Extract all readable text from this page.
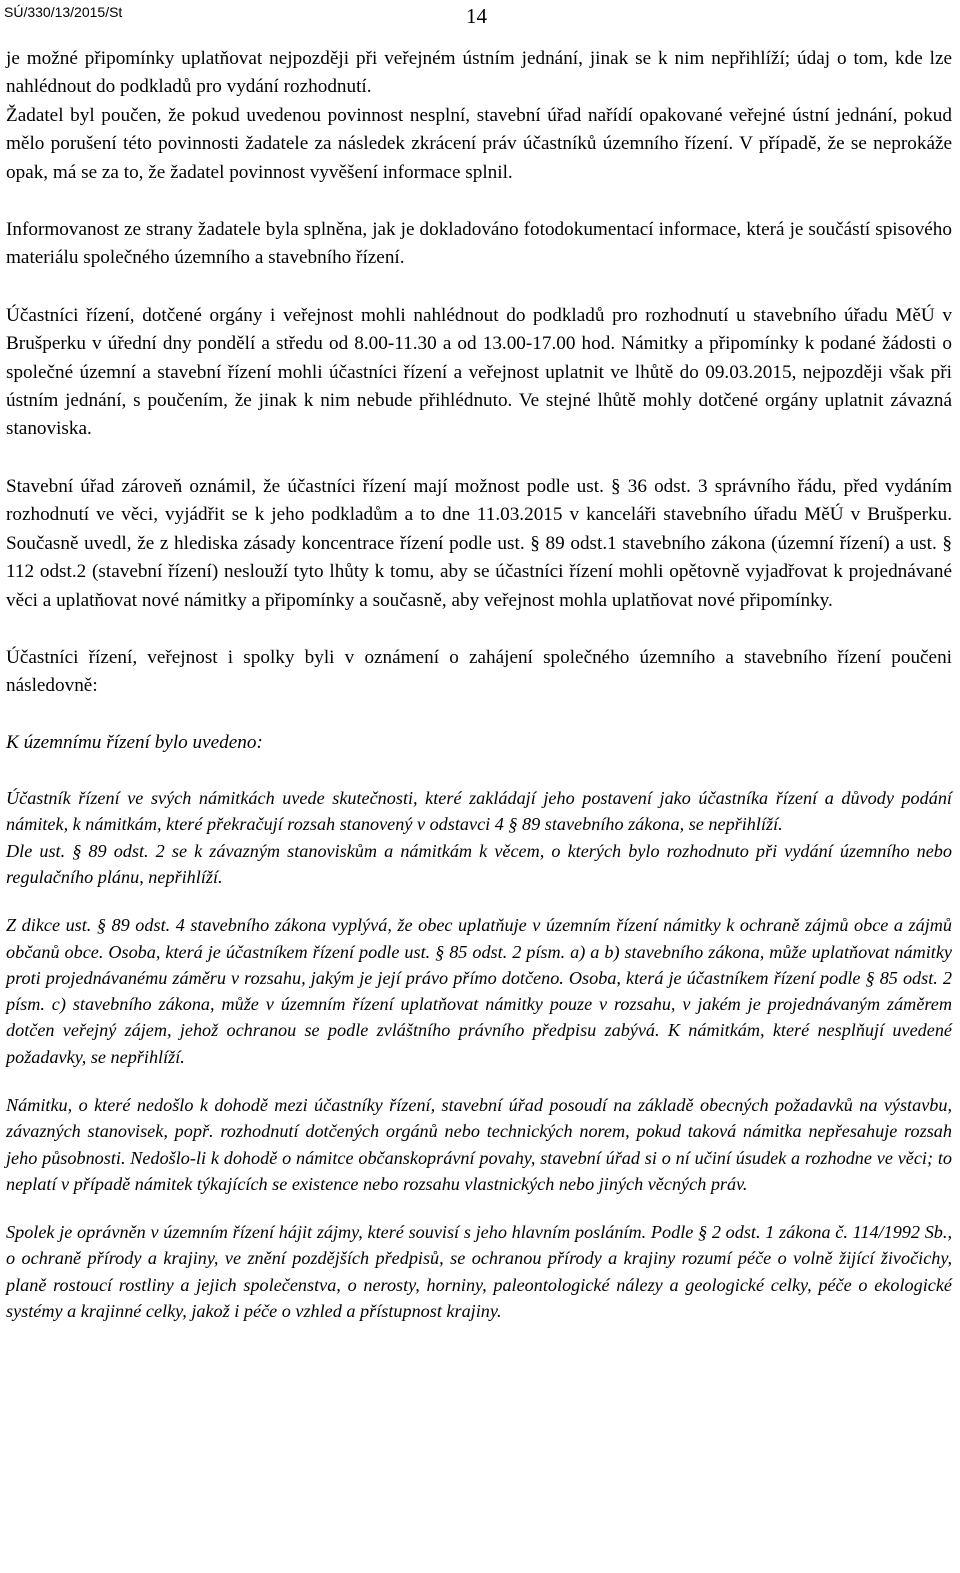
SÚ/330/13/2015/St	14

je možné připomínky uplatňovat nejpozději při veřejném ústním jednání, jinak se k nim nepřihlíží; údaj o tom, kde lze nahlédnout do podkladů pro vydání rozhodnutí.

Žadatel byl poučen, že pokud uvedenou povinnost nesplní, stavební úřad nařídí opakované veřejné ústní jednání, pokud mělo porušení této povinnosti žadatele za následek zkrácení práv účastníků územního řízení. V případě, že se neprokáže opak, má se za to, že žadatel povinnost vyvěšení informace splnil.

Informovanost ze strany žadatele byla splněna, jak je dokladováno fotodokumentací informace, která je součástí spisového materiálu společného územního a stavebního řízení.

Účastníci řízení, dotčené orgány i veřejnost mohli nahlédnout do podkladů pro rozhodnutí u stavebního úřadu MěÚ v Brušperku v úřední dny pondělí a středu od 8.00-11.30 a od 13.00-17.00 hod. Námitky a připomínky k podané žádosti o společné územní a stavební řízení mohli účastníci řízení a veřejnost uplatnit ve lhůtě do 09.03.2015, nejpozději však při ústním jednání, s poučením, že jinak k nim nebude přihlédnuto. Ve stejné lhůtě mohly dotčené orgány uplatnit závazná stanoviska.

Stavební úřad zároveň oznámil, že účastníci řízení mají možnost podle ust. § 36 odst. 3 správního řádu, před vydáním rozhodnutí ve věci, vyjádřit se k jeho podkladům a to dne 11.03.2015 v kanceláři stavebního úřadu MěÚ v Brušperku. Současně uvedl, že z hlediska zásady koncentrace řízení podle ust. § 89 odst.1 stavebního zákona (územní řízení) a ust. § 112 odst.2 (stavební řízení) neslouží tyto lhůty k tomu, aby se účastníci řízení mohli opětovně vyjadřovat k projednávané věci a uplatňovat nové námitky a připomínky a současně, aby veřejnost mohla uplatňovat nové připomínky.

Účastníci řízení, veřejnost i spolky byli v oznámení o zahájení společného územního a stavebního řízení poučeni následovně:

K územnímu řízení bylo uvedeno:

Účastník řízení ve svých námitkách uvede skutečnosti, které zakládají jeho postavení jako účastníka řízení a důvody podání námitek, k námitkám, které překračují rozsah stanovený v odstavci 4 § 89 stavebního zákona, se nepřihlíží.

Dle ust. § 89 odst. 2 se k závazným stanoviskům a námitkám k věcem, o kterých bylo rozhodnuto při vydání územního nebo regulačního plánu, nepřihlíží.

Z dikce ust. § 89 odst. 4 stavebního zákona vyplývá, že obec uplatňuje v územním řízení námitky k ochraně zájmů obce a zájmů občanů obce. Osoba, která je účastníkem řízení podle ust. § 85 odst. 2 písm. a) a b) stavebního zákona, může uplatňovat námitky proti projednávanému záměru v rozsahu, jakým je její právo přímo dotčeno. Osoba, která je účastníkem řízení podle § 85 odst. 2 písm. c) stavebního zákona, může v územním řízení uplatňovat námitky pouze v rozsahu, v jakém je projednávaným záměrem dotčen veřejný zájem, jehož ochranou se podle zvláštního právního předpisu zabývá. K námitkám, které nesplňují uvedené požadavky, se nepřihlíží.

Námitku, o které nedošlo k dohodě mezi účastníky řízení, stavební úřad posoudí na základě obecných požadavků na výstavbu, závazných stanovisek, popř. rozhodnutí dotčených orgánů nebo technických norem, pokud taková námitka nepřesahuje rozsah jeho působnosti. Nedošlo-li k dohodě o námitce občanskoprávní povahy, stavební úřad si o ní učiní úsudek a rozhodne ve věci; to neplatí v případě námitek týkajících se existence nebo rozsahu vlastnických nebo jiných věcných práv.

Spolek je oprávněn v územním řízení hájit zájmy, které souvisí s jeho hlavním posláním. Podle § 2 odst. 1 zákona č. 114/1992 Sb., o ochraně přírody a krajiny, ve znění pozdějších předpisů, se ochranou přírody a krajiny rozumí péče o volně žijící živočichy, planě rostoucí rostliny a jejich společenstva, o nerosty, horniny, paleontologické nálezy a geologické celky, péče o ekologické systémy a krajinné celky, jakož i péče o vzhled a přístupnost krajiny.
